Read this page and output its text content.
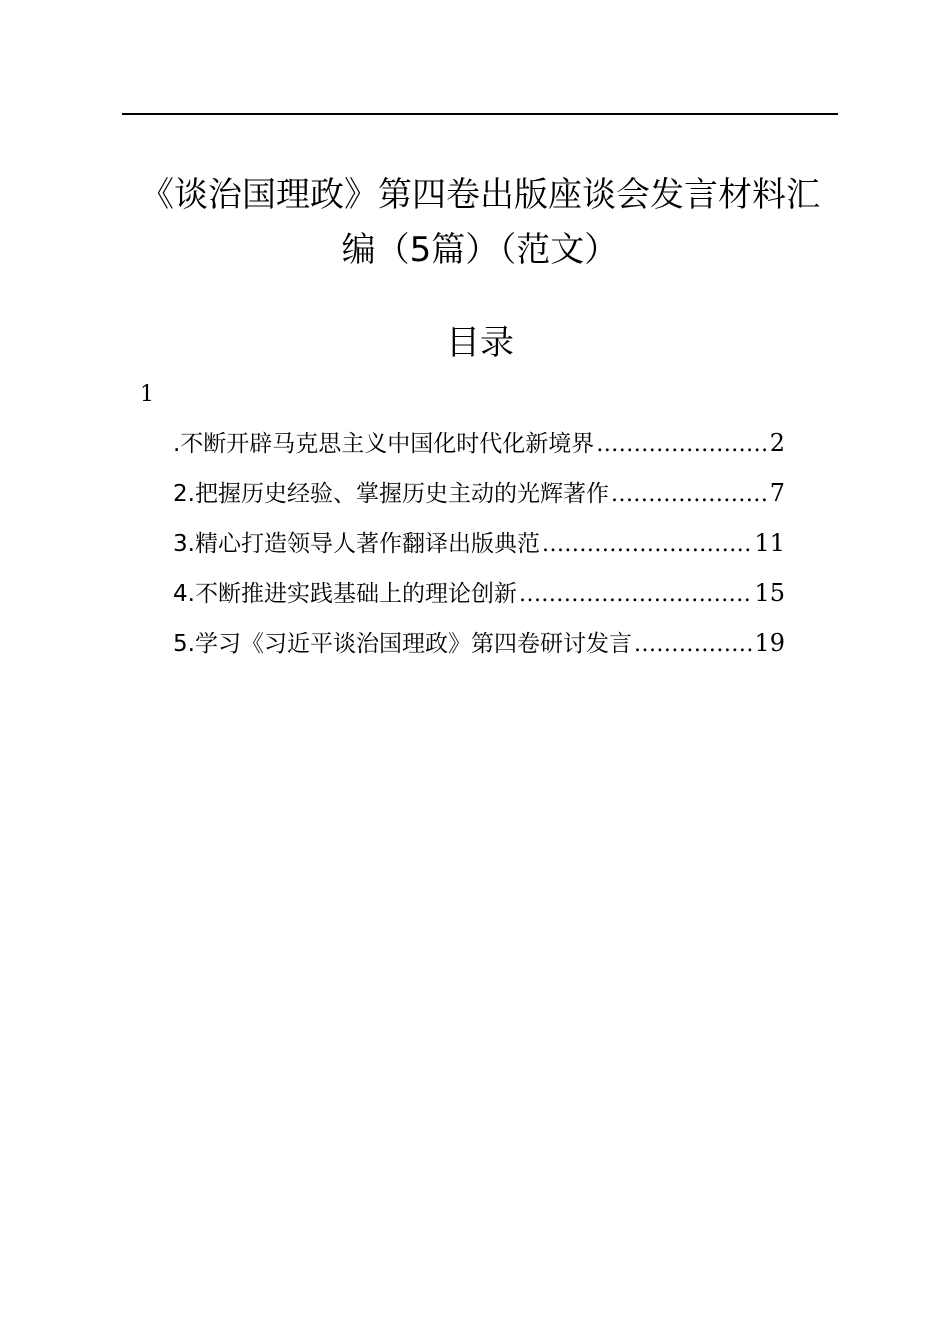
《谈治国理政》第四卷出版座谈会发言材料汇
编（5篇）（范文）
目录
1
.不断开辟马克思主义中国化时代化新境界 .....	2
2.把握历史经验、掌握历史主动的光辉著作 .....	7
3.精心打造领导人著作翻译出版典范 .....	11
4.不断推进实践基础上的理论创新 .....	15
5.学习《习近平谈治国理政》第四卷研讨发言 .....	19
